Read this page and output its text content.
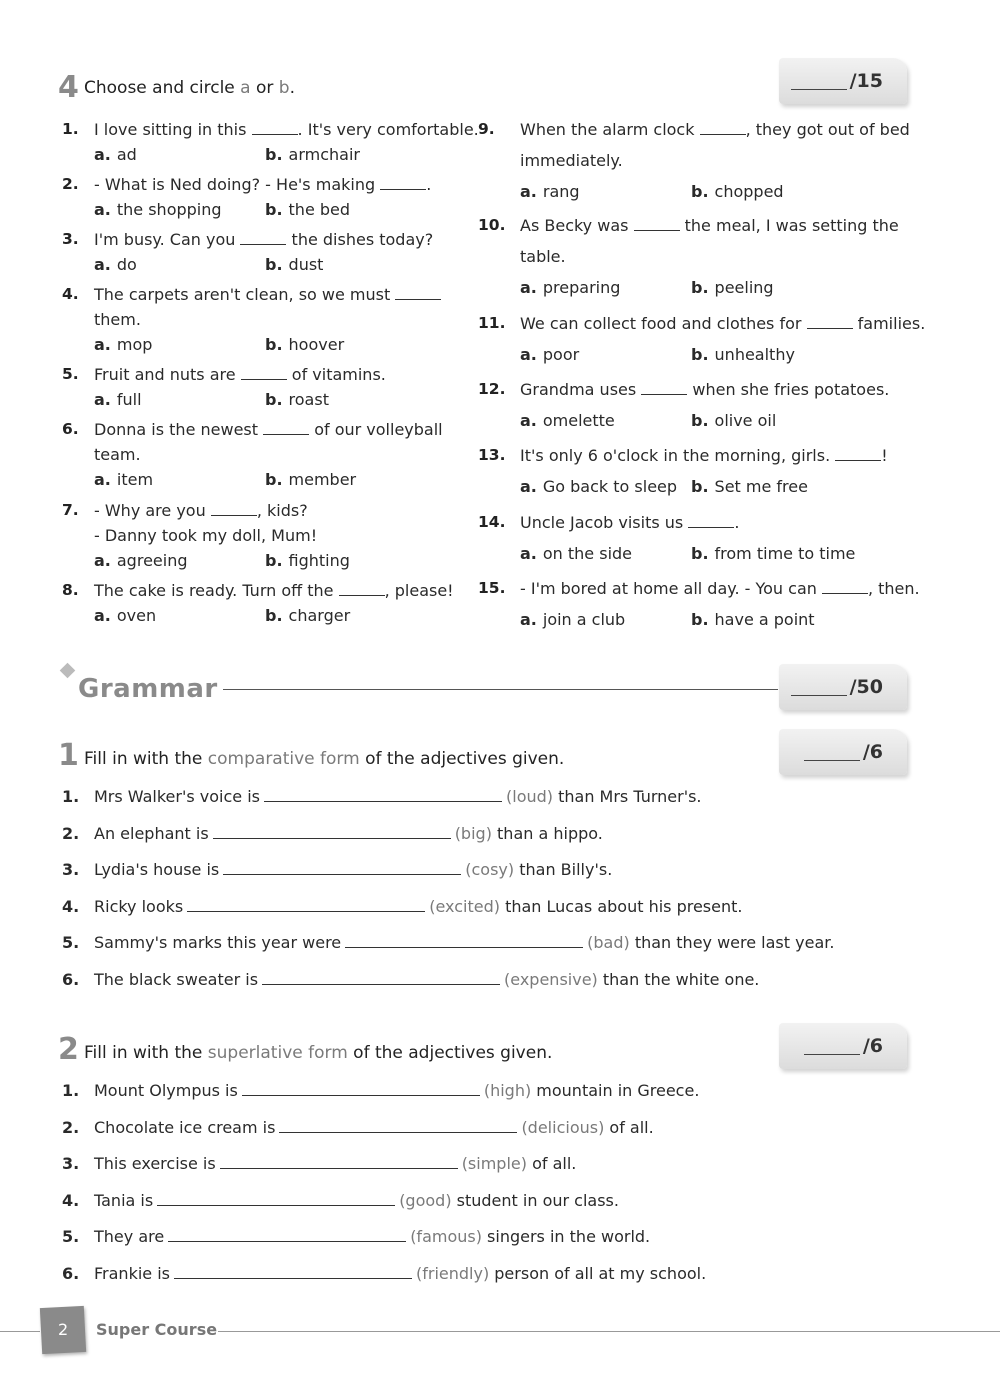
4 Choose and circle a or b.	/15
1. I love sitting in this	. It's very comfortable.
a. ad	b. armchair
2. - What is Ned doing? - He's making	.
a. the shopping	b. the bed
3. I'm busy. Can you	the dishes today?
a. do	b. dust
4. The carpets aren't clean, so we must
them.
a. mop	b. hoover
5. Fruit and nuts are	of vitamins.
a. full	b. roast
6. Donna is the newest	of our volleyball
team.
a. item	b. member
7. - Why are you	, kids?
- Danny took my doll, Mum!
a. agreeing	b. fighting
8. The cake is ready. Turn off the	, please!
a. oven	b. charger
9. When the alarm clock	, they got out of bed
immediately.
a. rang	b. chopped
10. As Becky was	the meal, I was setting the
table.
a. preparing	b. peeling
11. We can collect food and clothes for	families.
a. poor	b. unhealthy
12. Grandma uses	when she fries potatoes.
a. omelette	b. olive oil
13. It's only 6 o'clock in the morning, girls.	!
a. Go back to sleep b. Set me free
14. Uncle Jacob visits us	.
a. on the side	b. from time to time
15. - I'm bored at home all day. - You can	, then.
a. join a club	b. have a point
Grammar	/50
1 Fill in with the comparative form of the adjectives given.	/6
1. Mrs Walker's voice is	(loud) than Mrs Turner's.
2. An elephant is	(big) than a hippo.
3. Lydia's house is	(cosy) than Billy's.
4. Ricky looks	(excited) than Lucas about his present.
5. Sammy's marks this year were	(bad) than they were last year.
6. The black sweater is	(expensive) than the white one.
2 Fill in with the superlative form of the adjectives given.	/6
1. Mount Olympus is	(high) mountain in Greece.
2. Chocolate ice cream is	(delicious) of all.
3. This exercise is	(simple) of all.
4. Tania is	(good) student in our class.
5. They are	(famous) singers in the world.
6. Frankie is	(friendly) person of all at my school.
2 Super Course
